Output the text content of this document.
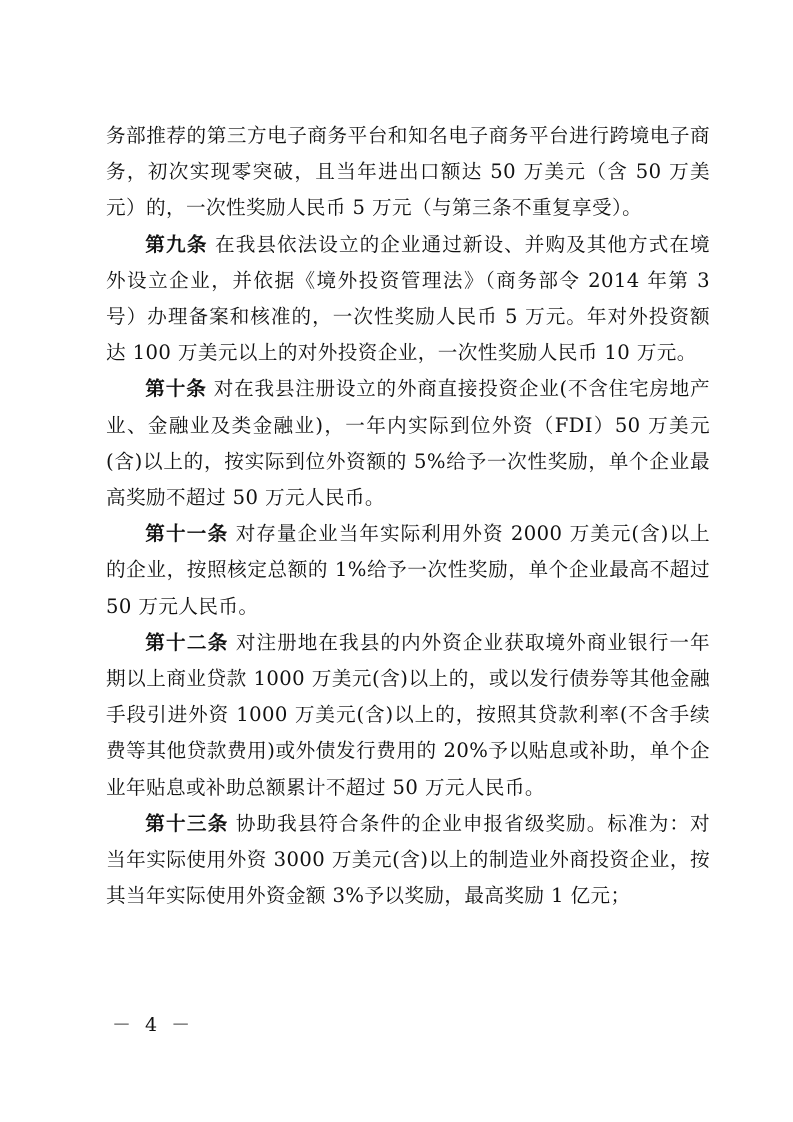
务部推荐的第三方电子商务平台和知名电子商务平台进行跨境电子商务，初次实现零突破，且当年进出口额达 50 万美元（含 50 万美元）的，一次性奖励人民币 5 万元（与第三条不重复享受）。

第九条 在我县依法设立的企业通过新设、并购及其他方式在境外设立企业，并依据《境外投资管理法》（商务部令 2014 年第 3 号）办理备案和核准的，一次性奖励人民币 5 万元。年对外投资额达 100 万美元以上的对外投资企业，一次性奖励人民币 10 万元。

第十条 对在我县注册设立的外商直接投资企业(不含住宅房地产业、金融业及类金融业)，一年内实际到位外资（FDI）50 万美元(含)以上的，按实际到位外资额的 5%给予一次性奖励，单个企业最高奖励不超过 50 万元人民币。

第十一条 对存量企业当年实际利用外资 2000 万美元(含)以上的企业，按照核定总额的 1%给予一次性奖励，单个企业最高不超过 50 万元人民币。

第十二条 对注册地在我县的内外资企业获取境外商业银行一年期以上商业贷款 1000 万美元(含)以上的，或以发行债券等其他金融手段引进外资 1000 万美元(含)以上的，按照其贷款利率(不含手续费等其他贷款费用)或外债发行费用的 20%予以贴息或补助，单个企业年贴息或补助总额累计不超过 50 万元人民币。

第十三条 协助我县符合条件的企业申报省级奖励。标准为：对当年实际使用外资 3000 万美元(含)以上的制造业外商投资企业，按其当年实际使用外资金额 3%予以奖励，最高奖励 1 亿元；

－ 4 －
